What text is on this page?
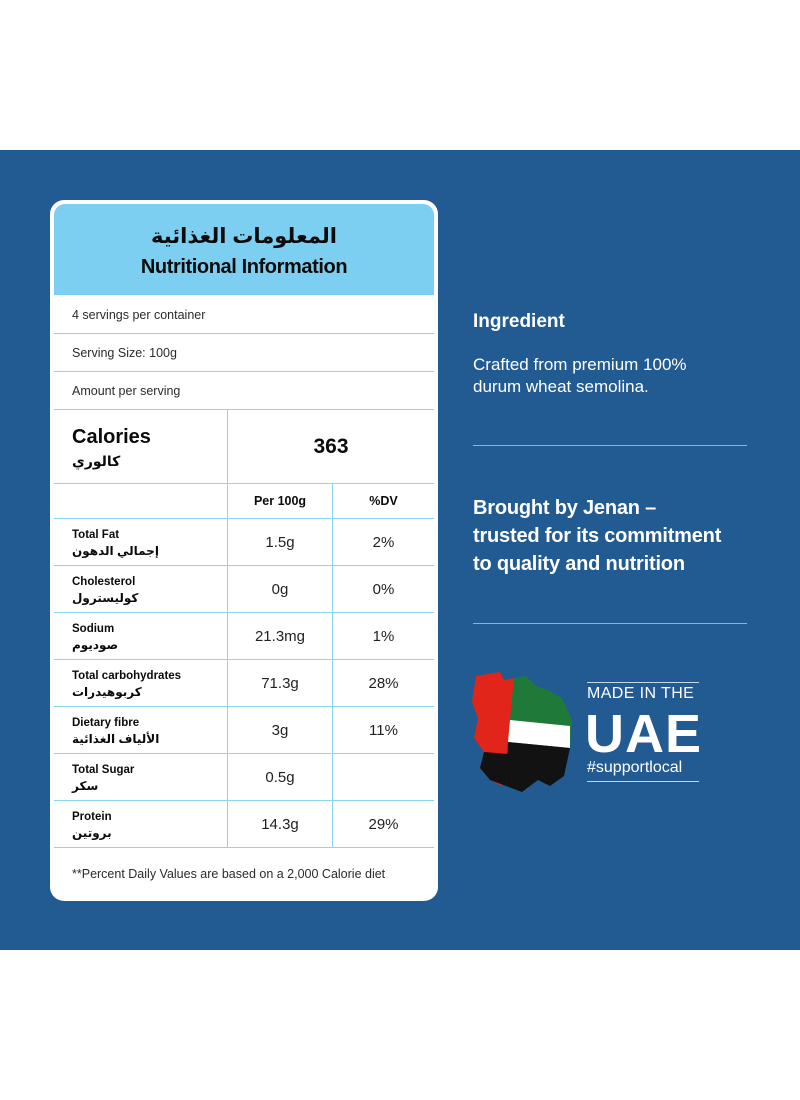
المعلومات الغذائية
Nutritional Information
4 servings per container
Serving Size: 100g
Amount per serving
Calories
كالوري
363
Per 100g	%DV
Total Fat
إجمالي الدهون	1.5g	2%
Cholesterol
كوليسترول	0g	0%
Sodium
صوديوم	21.3mg	1%
Total carbohydrates
كربوهيدرات	71.3g	28%
Dietary fibre
الألياف الغذائية	3g	11%
Total Sugar
سكر	0.5g
Protein
بروتين	14.3g	29%
**Percent Daily Values are based on a 2,000 Calorie diet
Ingredient
Crafted from premium 100%
durum wheat semolina.
Brought by Jenan –
trusted for its commitment
to quality and nutrition
MADE IN THE
UAE
#supportlocal
